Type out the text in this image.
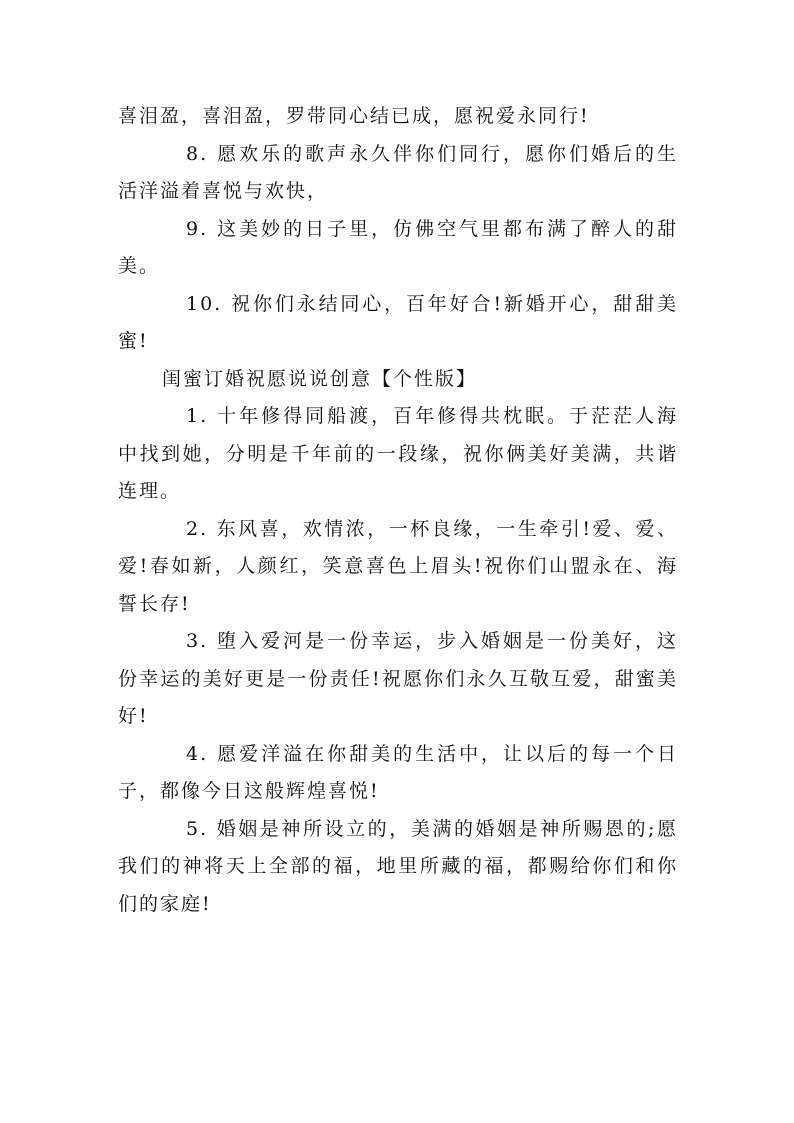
喜泪盈，喜泪盈，罗带同心结已成，愿祝爱永同行!

8. 愿欢乐的歌声永久伴你们同行，愿你们婚后的生活洋溢着喜悦与欢快，

9. 这美妙的日子里，仿佛空气里都布满了醉人的甜美。

10. 祝你们永结同心，百年好合!新婚开心，甜甜美蜜!

闺蜜订婚祝愿说说创意【个性版】

1. 十年修得同船渡，百年修得共枕眠。于茫茫人海中找到她，分明是千年前的一段缘，祝你俩美好美满，共谐连理。

2. 东风喜，欢情浓，一杯良缘，一生牵引!爱、爱、爱!春如新，人颜红，笑意喜色上眉头!祝你们山盟永在、海誓长存!

3. 堕入爱河是一份幸运，步入婚姻是一份美好，这份幸运的美好更是一份责任!祝愿你们永久互敬互爱，甜蜜美好!

4. 愿爱洋溢在你甜美的生活中，让以后的每一个日子，都像今日这般辉煌喜悦!

5. 婚姻是神所设立的，美满的婚姻是神所赐恩的;愿我们的神将天上全部的福，地里所藏的福，都赐给你们和你们的家庭!
